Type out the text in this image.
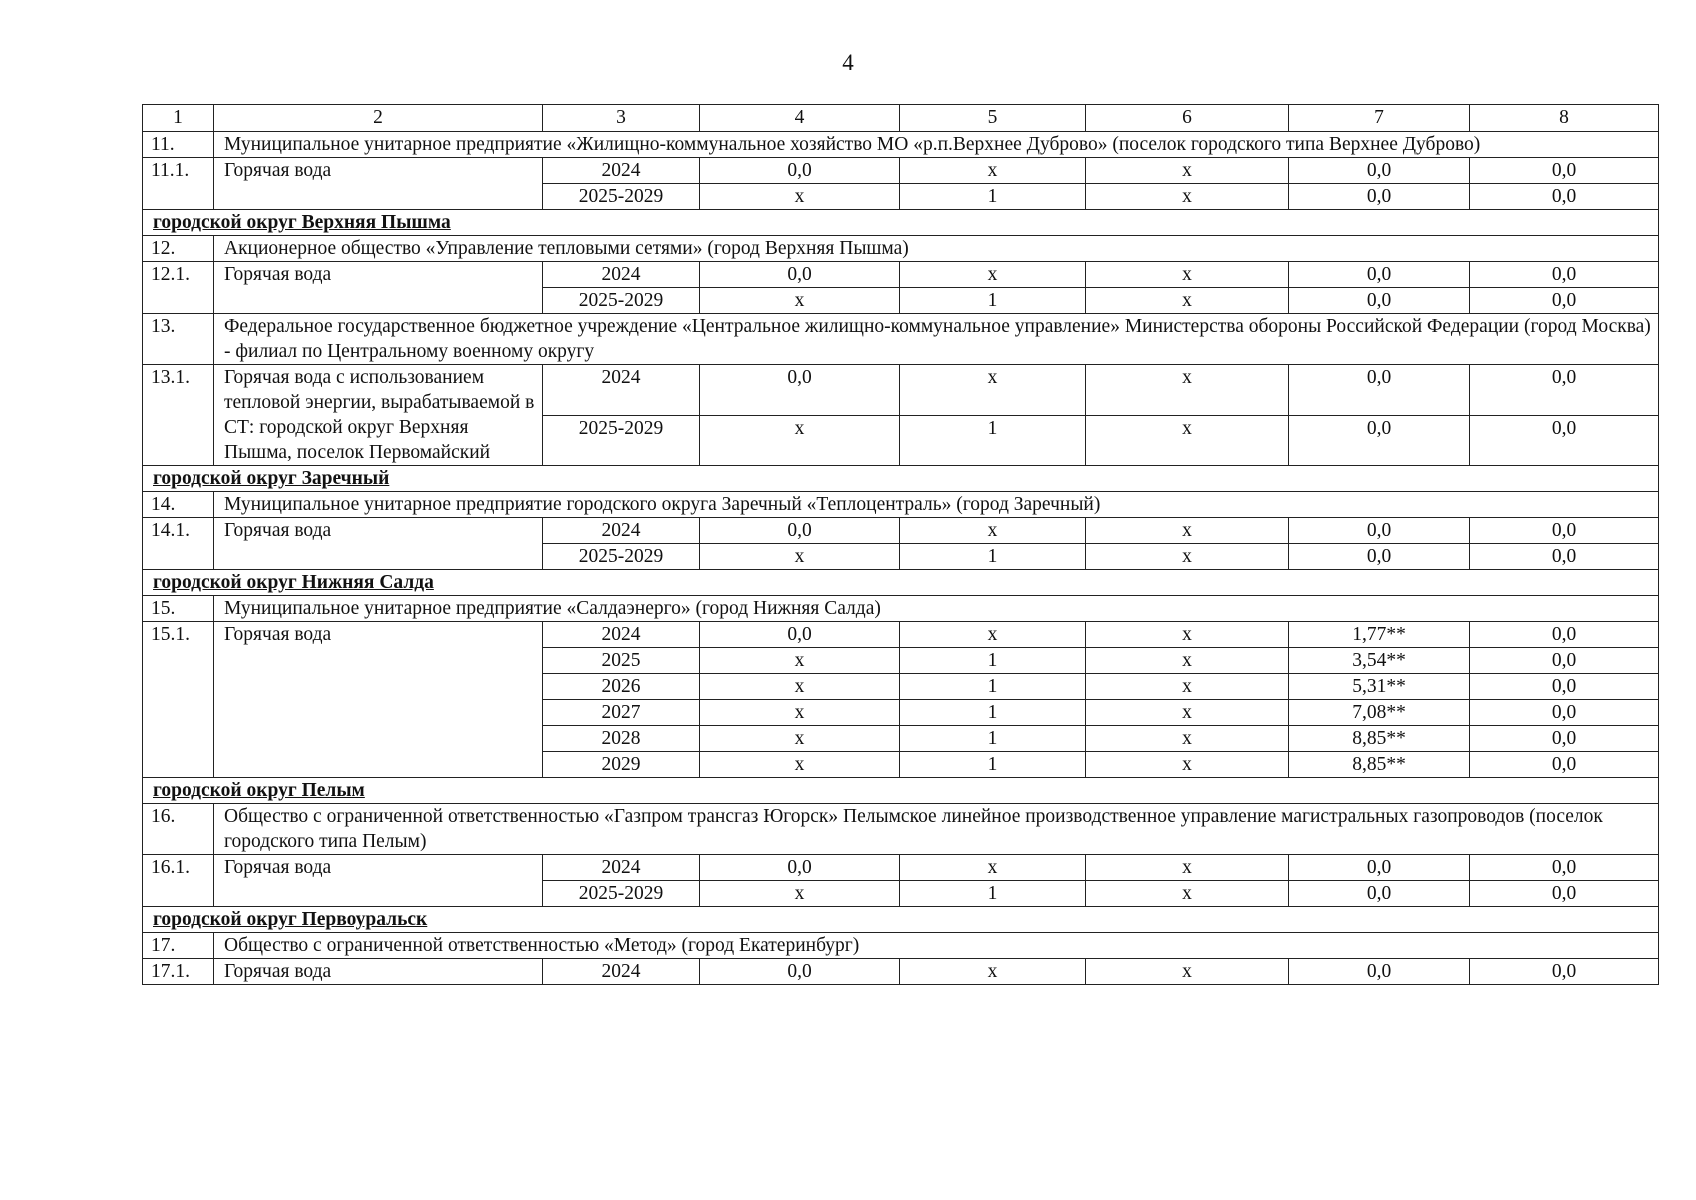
4
1	2	3	4	5	6	7	8
11.	Муниципальное унитарное предприятие «Жилищно-коммунальное хозяйство МО «р.п.Верхнее Дуброво» (поселок городского типа Верхнее Дуброво)						
11.1.	Горячая вода	2024	0,0	х	х	0,0	0,0
		2025-2029	х	1	х	0,0	0,0
городской округ Верхняя Пышма							
12.	Акционерное общество «Управление тепловыми сетями» (город Верхняя Пышма)						
12.1.	Горячая вода	2024	0,0	х	х	0,0	0,0
		2025-2029	х	1	х	0,0	0,0
13.	Федеральное государственное бюджетное учреждение «Центральное жилищно-коммунальное управление» Министерства обороны Российской Федерации (город Москва) - филиал по Центральному военному округу						
13.1.	Горячая вода с использованием тепловой энергии, вырабатываемой в СТ: городской округ Верхняя Пышма, поселок Первомайский	2024	0,0	х	х	0,0	0,0
		2025-2029	х	1	х	0,0	0,0
городской округ Заречный							
14.	Муниципальное унитарное предприятие городского округа Заречный «Теплоцентраль» (город Заречный)						
14.1.	Горячая вода	2024	0,0	х	х	0,0	0,0
		2025-2029	х	1	х	0,0	0,0
городской округ Нижняя Салда							
15.	Муниципальное унитарное предприятие «Салдаэнерго» (город Нижняя Салда)						
15.1.	Горячая вода	2024	0,0	х	х	1,77**	0,0
		2025	х	1	х	3,54**	0,0
		2026	х	1	х	5,31**	0,0
		2027	х	1	х	7,08**	0,0
		2028	х	1	х	8,85**	0,0
		2029	х	1	х	8,85**	0,0
городской округ Пелым							
16.	Общество с ограниченной ответственностью «Газпром трансгаз Югорск» Пелымское линейное производственное управление магистральных газопроводов (поселок городского типа Пелым)						
16.1.	Горячая вода	2024	0,0	х	х	0,0	0,0
		2025-2029	х	1	х	0,0	0,0
городской округ Первоуральск							
17.	Общество с ограниченной ответственностью «Метод» (город Екатеринбург)						
17.1.	Горячая вода	2024	0,0	х	х	0,0	0,0
